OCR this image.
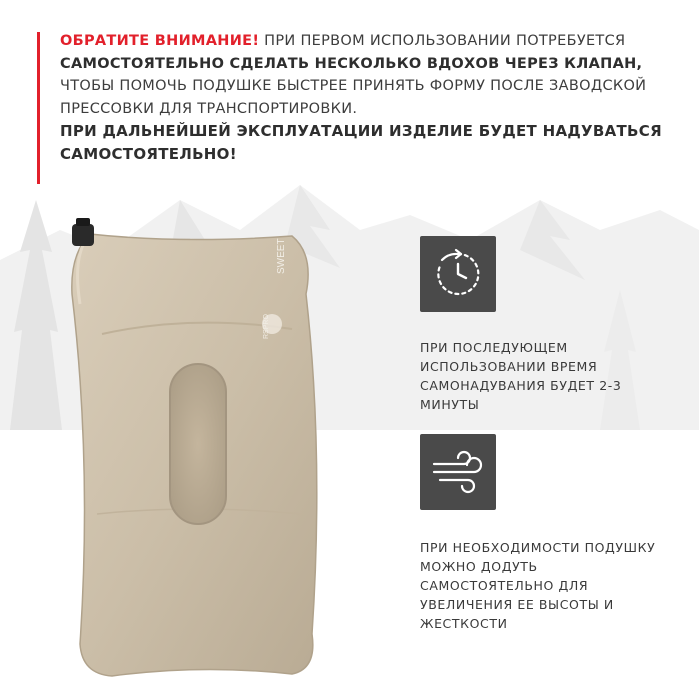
ОБРАТИТЕ ВНИМАНИЕ! ПРИ ПЕРВОМ ИСПОЛЬЗОВАНИИ ПОТРЕБУЕТСЯ САМОСТОЯТЕЛЬНО СДЕЛАТЬ НЕСКОЛЬКО ВДОХОВ ЧЕРЕЗ КЛАПАН, ЧТОБЫ ПОМОЧЬ ПОДУШКЕ БЫСТРЕЕ ПРИНЯТЬ ФОРМУ ПОСЛЕ ЗАВОДСКОЙ ПРЕССОВКИ ДЛЯ ТРАНСПОРТИРОВКИ.

ПРИ ДАЛЬНЕЙШЕЙ ЭКСПЛУАТАЦИИ ИЗДЕЛИЕ БУДЕТ НАДУВАТЬСЯ САМОСТОЯТЕЛЬНО!

SWEET
RSPRO

ПРИ ПОСЛЕДУЮЩЕМ ИСПОЛЬЗОВАНИИ ВРЕМЯ САМОНАДУВАНИЯ БУДЕТ 2-3 МИНУТЫ

ПРИ НЕОБХОДИМОСТИ ПОДУШКУ МОЖНО ДОДУТЬ САМОСТОЯТЕЛЬНО ДЛЯ УВЕЛИЧЕНИЯ ЕЕ ВЫСОТЫ И ЖЕСТКОСТИ
